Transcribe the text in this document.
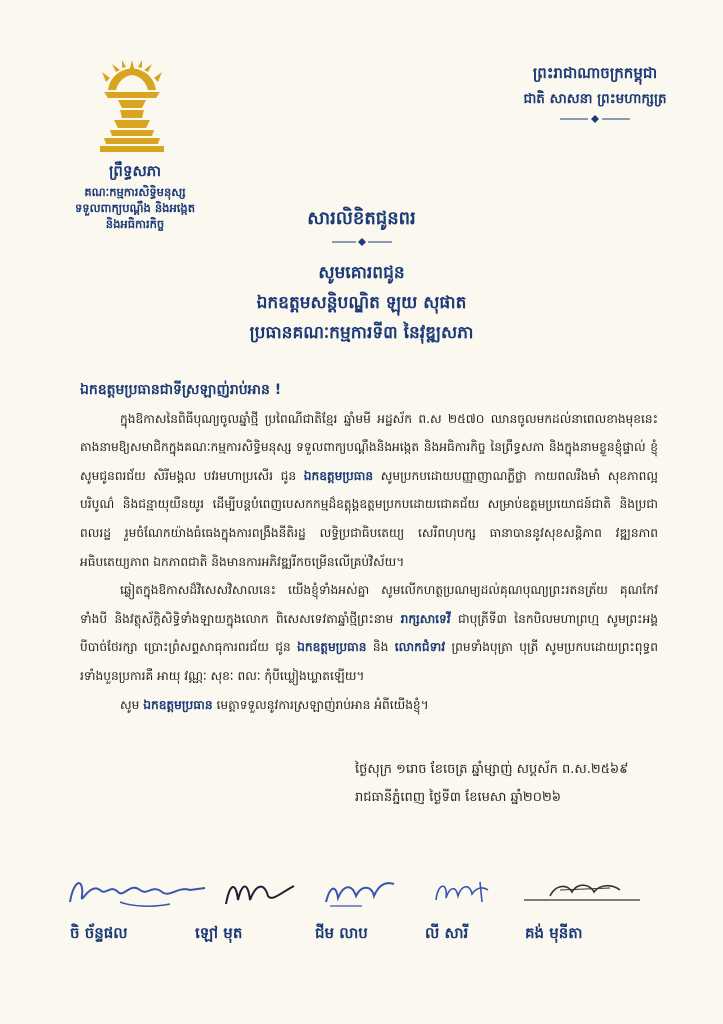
ព្រឹទ្ធសភា
គណៈកម្មការសិទ្ធិមនុស្ស
ទទួលពាក្យបណ្តឹង និងអង្កេត
និងអធិការកិច្ច
ព្រះរាជាណាចក្រកម្ពុជា
ជាតិ សាសនា ព្រះមហាក្សត្រ
សារលិខិតជូនពរ
សូមគោរពជូន
ឯកឧត្តមសន្តិបណ្ឌិត ឡុយ សុផាត
ប្រធានគណៈកម្មការទី៣ នៃវុឌ្ឍសភា

ឯកឧត្តមប្រធានជាទីស្រឡាញ់រាប់អាន !

ក្នុងឱកាសនៃពិធីបុណ្យចូលឆ្នាំថ្មី ប្រពៃណីជាតិខ្មែរ ឆ្នាំមមី អដ្ឋស័ក ព.ស ២៥៧០ ឈានចូលមកដល់នាពេលខាងមុខនេះ តាងនាមឱ្យសមាជិកក្នុងគណៈកម្មការសិទ្ធិមនុស្ស ទទួលពាក្យបណ្តឹងនិងអង្កេត និងអធិការកិច្ច នៃព្រឹទ្ធសភា និងក្នុងនាមខ្លួនខ្ញុំផ្ទាល់ ខ្ញុំសូមជូនពរជ័យ សិរីមង្គល បវរមហាប្រសើរ ជូន ឯកឧត្តមប្រធាន សូមប្រកបដោយបញ្ញាញាណភ្លឺថ្លា កាយពលរឹងមាំ សុខភាពល្អបរិបូណ៌ និងជន្មាយុយឺនយូរ ដើម្បីបន្តបំពេញបេសកកម្មដ៏ឧត្តុង្គឧត្តមប្រកបដោយជោគជ័យ សម្រាប់ឧត្តមប្រយោជន៍ជាតិ និងប្រជាពលរដ្ឋ រួមចំណែកយ៉ាងធំធេងក្នុងការពង្រឹងនីតិរដ្ឋ លទ្ធិប្រជាធិបតេយ្យ សេរីពហុបក្ស ធានាបាននូវសុខសន្តិភាព វឌ្ឍនភាព អធិបតេយ្យភាព ឯកភាពជាតិ និងមានការអភិវឌ្ឍរីកចម្រើនលើគ្រប់វិស័យ។

ឆ្លៀតក្នុងឱកាសដ៏វិសេសវិសាលនេះ យើងខ្ញុំទាំងអស់គ្នា សូមលើកហត្ថប្រណម្យដល់គុណបុណ្យព្រះរតនត្រ័យ គុណកែវទាំងបី និងវត្ថុស័ក្តិសិទ្ធិទាំងឡាយក្នុងលោក ពិសេសទេវតាឆ្នាំថ្មីព្រះនាម រាក្សសាទេវី ជាបុត្រីទី៣ នៃកបិលមហាព្រហ្ម សូមព្រះអង្គបីបាច់ថែរក្សា ប្រោះព្រំសព្ទសាធុការពរជ័យ ជូន ឯកឧត្តមប្រធាន និង លោកជំទាវ ព្រមទាំងបុត្រា បុត្រី សូមប្រកបដោយព្រះពុទ្ធពរទាំងបួនប្រការគឺ អាយុ វណ្ណៈ សុខៈ ពលៈ កុំបីឃ្លៀងឃ្លាតឡើយ។

សូម ឯកឧត្តមប្រធាន មេត្តាទទួលនូវការស្រឡាញ់រាប់អាន អំពីយើងខ្ញុំ។

ថ្ងៃសុក្រ ១រោច ខែចេត្រ ឆ្នាំម្សាញ់ សប្តស័ក ព.ស.២៥៦៩
រាជធានីភ្នំពេញ ថ្ងៃទី៣ ខែមេសា ឆ្នាំ២០២៦
ចិ ច័ន្ទផល	ឡៅ មុត	ជីម លាប	លី សារី	គង់ មុនីតា
